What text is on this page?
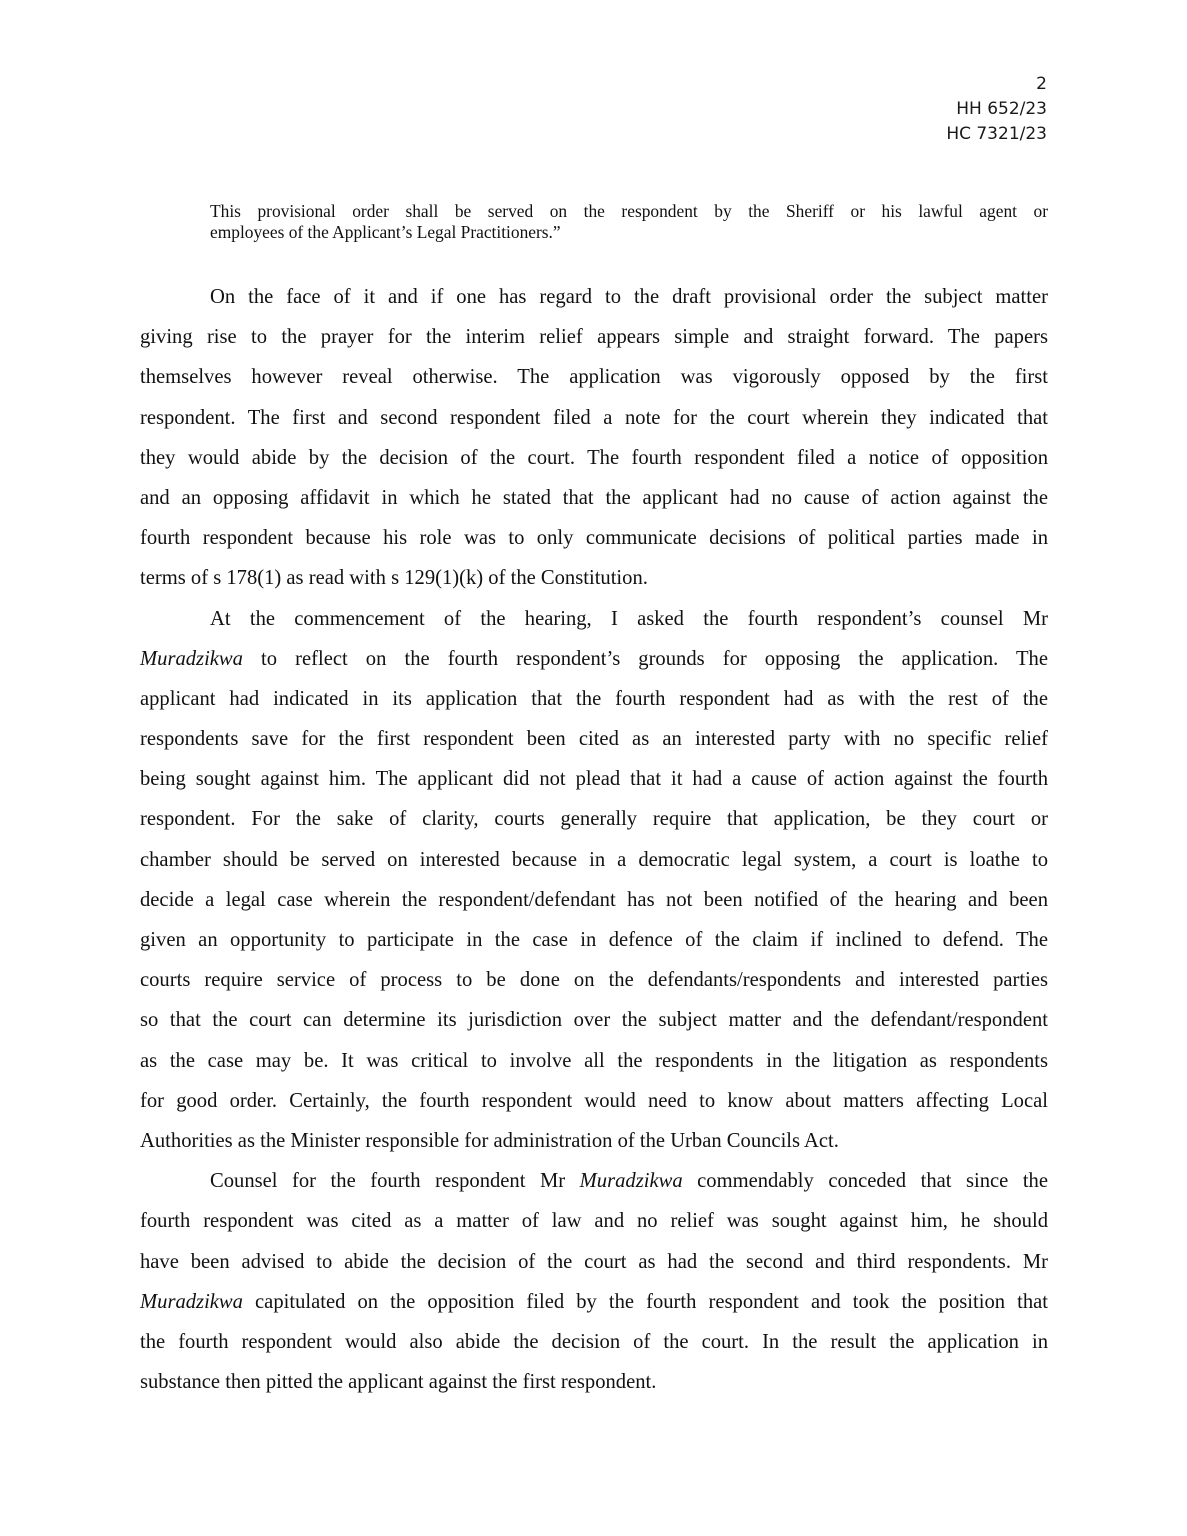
2
HH 652/23
HC 7321/23
This provisional order shall be served on the respondent by the Sheriff or his lawful agent or
employees of the Applicant’s Legal Practitioners.”
On the face of it and if one has regard to the draft provisional order the subject matter
giving rise to the prayer for the interim relief appears simple and straight forward. The papers
themselves however reveal otherwise. The application was vigorously opposed by the first
respondent. The first and second respondent filed a note for the court wherein they indicated that
they would abide by the decision of the court. The fourth respondent filed a notice of opposition
and an opposing affidavit in which he stated that the applicant had no cause of action against the
fourth respondent because his role was to only communicate decisions of political parties made in
terms of s 178(1) as read with s 129(1)(k) of the Constitution.
At the commencement of the hearing, I asked the fourth respondent’s counsel Mr
Muradzikwa to reflect on the fourth respondent’s grounds for opposing the application. The
applicant had indicated in its application that the fourth respondent had as with the rest of the
respondents save for the first respondent been cited as an interested party with no specific relief
being sought against him. The applicant did not plead that it had a cause of action against the fourth
respondent. For the sake of clarity, courts generally require that application, be they court or
chamber should be served on interested because in a democratic legal system, a court is loathe to
decide a legal case wherein the respondent/defendant has not been notified of the hearing and been
given an opportunity to participate in the case in defence of the claim if inclined to defend. The
courts require service of process to be done on the defendants/respondents and interested parties
so that the court can determine its jurisdiction over the subject matter and the defendant/respondent
as the case may be. It was critical to involve all the respondents in the litigation as respondents
for good order. Certainly, the fourth respondent would need to know about matters affecting Local
Authorities as the Minister responsible for administration of the Urban Councils Act.
Counsel for the fourth respondent Mr Muradzikwa commendably conceded that since the
fourth respondent was cited as a matter of law and no relief was sought against him, he should
have been advised to abide the decision of the court as had the second and third respondents. Mr
Muradzikwa capitulated on the opposition filed by the fourth respondent and took the position that
the fourth respondent would also abide the decision of the court. In the result the application in
substance then pitted the applicant against the first respondent.
